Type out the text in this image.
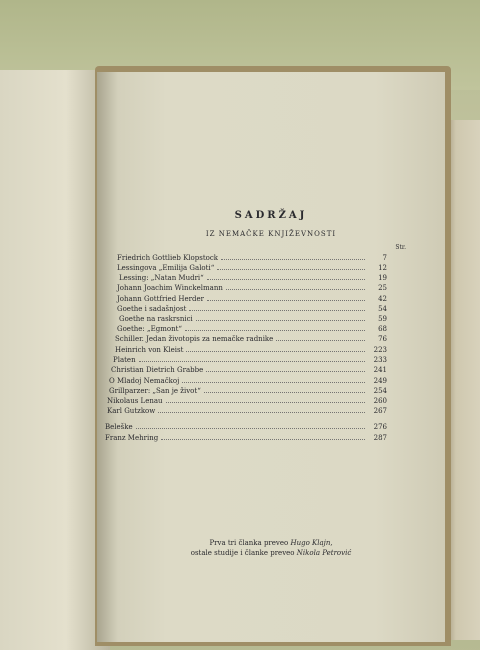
SADRŽAJ
IZ NEMAČKE KNJIŽEVNOSTI
Str.
Friedrich Gottlieb Klopstock	7
Lessingova „Emilija Galoti“	12
Lessing: „Natan Mudri“	19
Johann Joachim Winckelmann	25
Johann Gottfried Herder	42
Goethe i sadašnjost	54
Goethe na raskrsnici	59
Goethe: „Egmont“	68
Schiller. Jedan životopis za nemačke radnike	76
Heinrich von Kleist	223
Platen	233
Christian Dietrich Grabbe	241
O Mladoj Nemačkoj	249
Grillparzer: „San je život“	254
Nikolaus Lenau	260
Karl Gutzkow	267
Beleške	276
Franz Mehring	287
Prva tri članka preveo Hugo Klajn,
ostale studije i članke preveo Nikola Petrović
